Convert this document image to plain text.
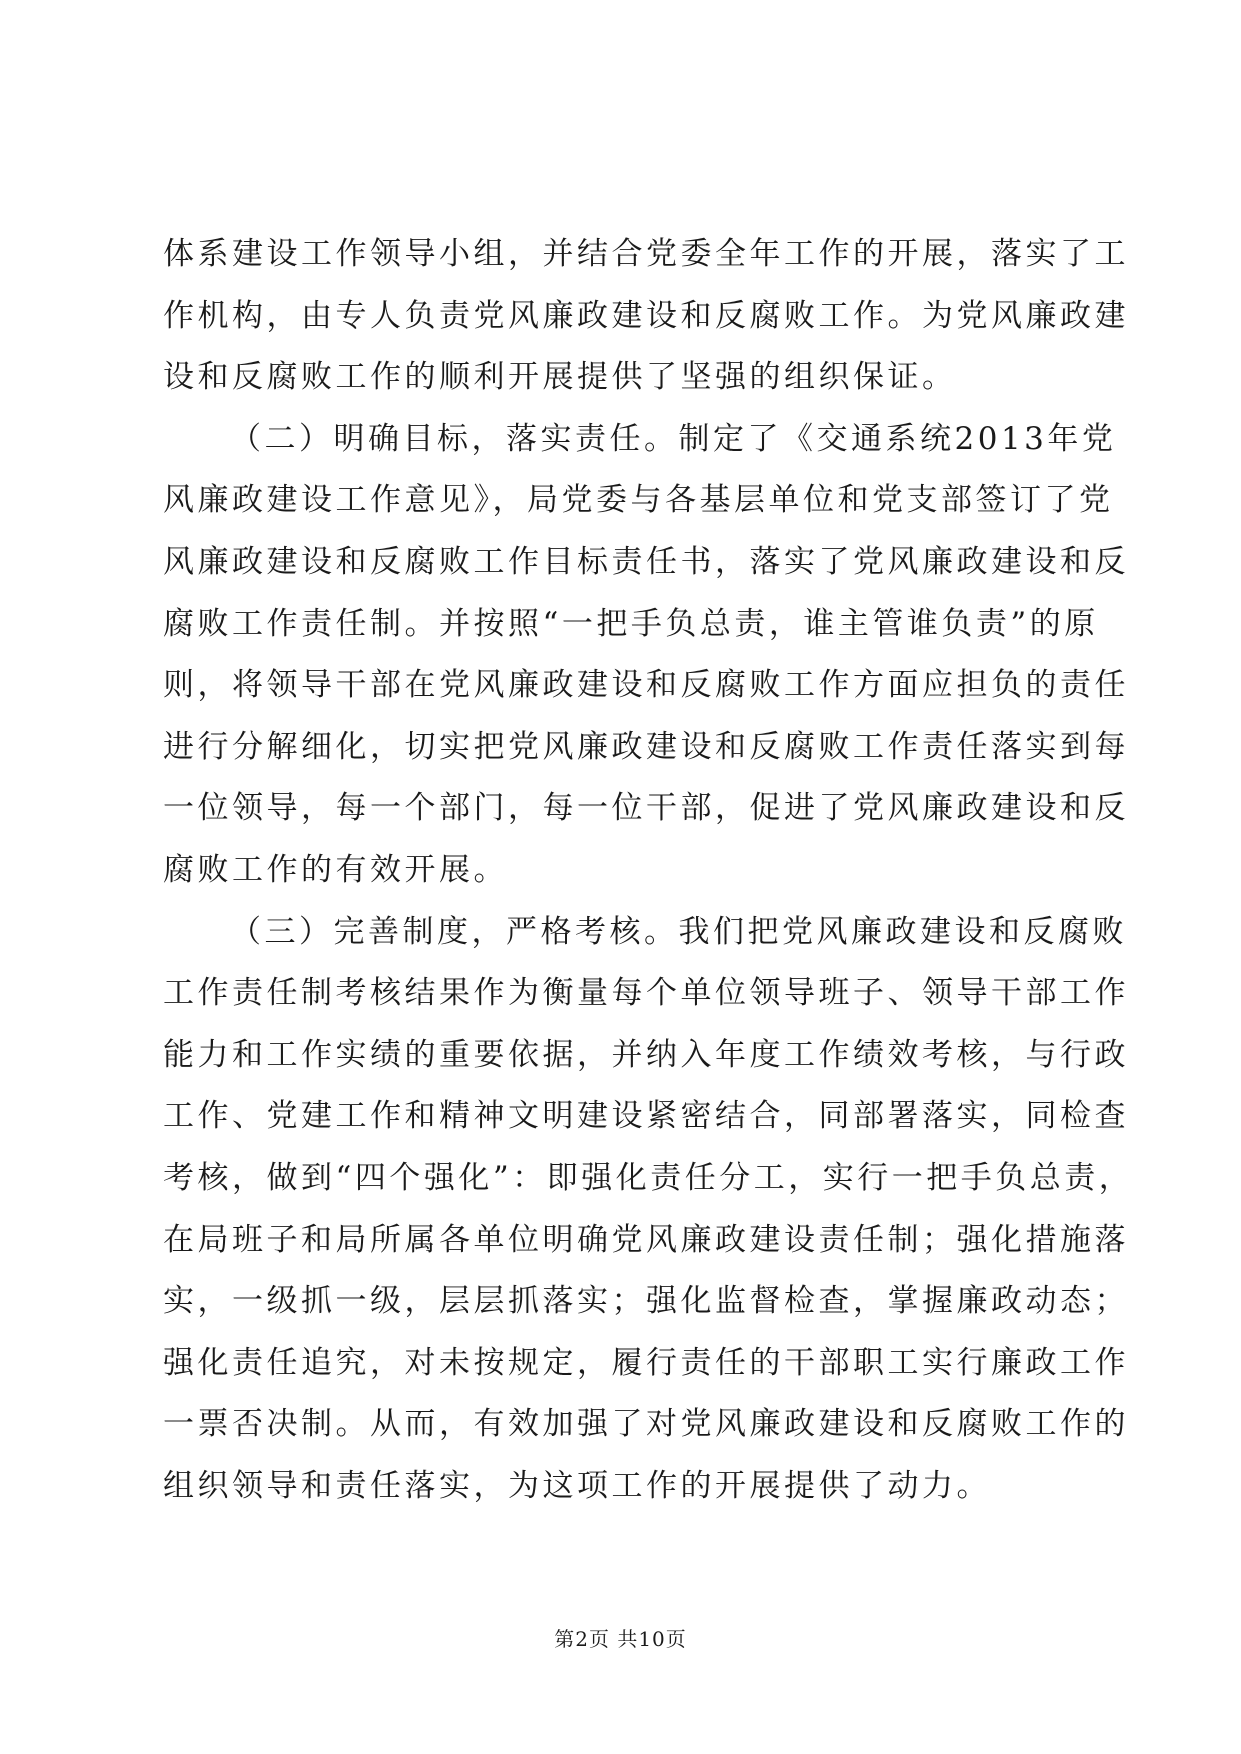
体系建设工作领导小组，并结合党委全年工作的开展，落实了工
作机构，由专人负责党风廉政建设和反腐败工作。为党风廉政建
设和反腐败工作的顺利开展提供了坚强的组织保证。
（二）明确目标，落实责任。制定了《交通系统2013年党
风廉政建设工作意见》，局党委与各基层单位和党支部签订了党
风廉政建设和反腐败工作目标责任书，落实了党风廉政建设和反
腐败工作责任制。并按照“一把手负总责，谁主管谁负责”的原
则，将领导干部在党风廉政建设和反腐败工作方面应担负的责任
进行分解细化，切实把党风廉政建设和反腐败工作责任落实到每
一位领导，每一个部门，每一位干部，促进了党风廉政建设和反
腐败工作的有效开展。
（三）完善制度，严格考核。我们把党风廉政建设和反腐败
工作责任制考核结果作为衡量每个单位领导班子、领导干部工作
能力和工作实绩的重要依据，并纳入年度工作绩效考核，与行政
工作、党建工作和精神文明建设紧密结合，同部署落实，同检查
考核，做到“四个强化”：即强化责任分工，实行一把手负总责，
在局班子和局所属各单位明确党风廉政建设责任制；强化措施落
实，一级抓一级，层层抓落实；强化监督检查，掌握廉政动态；
强化责任追究，对未按规定，履行责任的干部职工实行廉政工作
一票否决制。从而，有效加强了对党风廉政建设和反腐败工作的
组织领导和责任落实，为这项工作的开展提供了动力。
第2页 共10页
